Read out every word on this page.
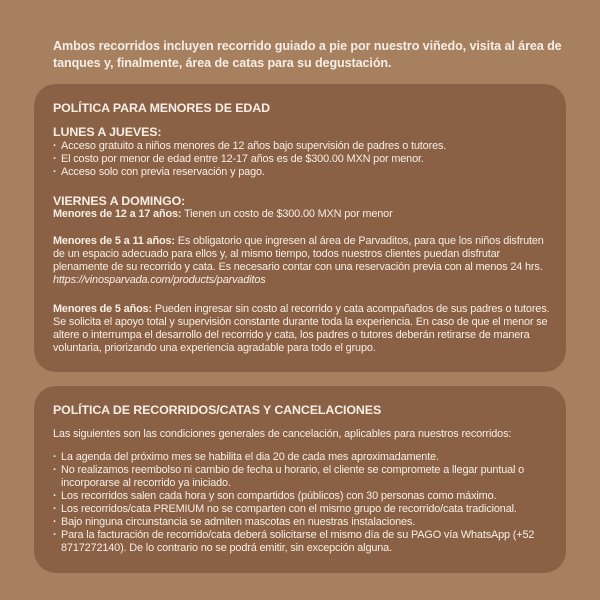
Ambos recorridos incluyen recorrido guiado a pie por nuestro viñedo, visita al área de tanques y, finalmente, área de catas para su degustación.
POLÍTICA PARA MENORES DE EDAD
LUNES A JUEVES:
· Acceso gratuito a niños menores de 12 años bajo supervisión de padres o tutores.
· El costo por menor de edad entre 12-17 años es de $300.00 MXN por menor.
· Acceso solo con previa reservación y pago.
VIERNES A DOMINGO:

Menores de 12 a 17 años: Tienen un costo de $300.00 MXN por menor

Menores de 5 a 11 años: Es obligatorio que ingresen al área de Parvaditos, para que los niños disfruten de un espacio adecuado para ellos y, al mismo tiempo, todos nuestros clientes puedan disfrutar plenamente de su recorrido y cata. Es necesario contar con una reservación previa con al menos 24 hrs. https://vinosparvada.com/products/parvaditos

Menores de 5 años: Pueden ingresar sin costo al recorrido y cata acompañados de sus padres o tutores. Se solicita el apoyo total y supervisión constante durante toda la experiencia. En caso de que el menor se altere o interrumpa el desarrollo del recorrido y cata, los padres o tutores deberán retirarse de manera voluntaria, priorizando una experiencia agradable para todo el grupo.

POLÍTICA DE RECORRIDOS/CATAS Y CANCELACIONES
Las siguientes son las condiciones generales de cancelación, aplicables para nuestros recorridos:
· La agenda del próximo mes se habilita el dia 20 de cada mes aproximadamente.
· No realizamos reembolso ni cambio de fecha u horario, el cliente se compromete a llegar puntual o incorporarse al recorrido ya iniciado.
· Los recorridos salen cada hora y son compartidos (públicos) con 30 personas como máximo.
· Los recorridos/cata PREMIUM no se comparten con el mismo grupo de recorrido/cata tradicional.
· Bajo ninguna circunstancia se admiten mascotas en nuestras instalaciones.
· Para la facturación de recorrido/cata deberá solicitarse el mismo día de su PAGO vía WhatsApp (+52 8717272140). De lo contrario no se podrá emitir, sin excepción alguna.
